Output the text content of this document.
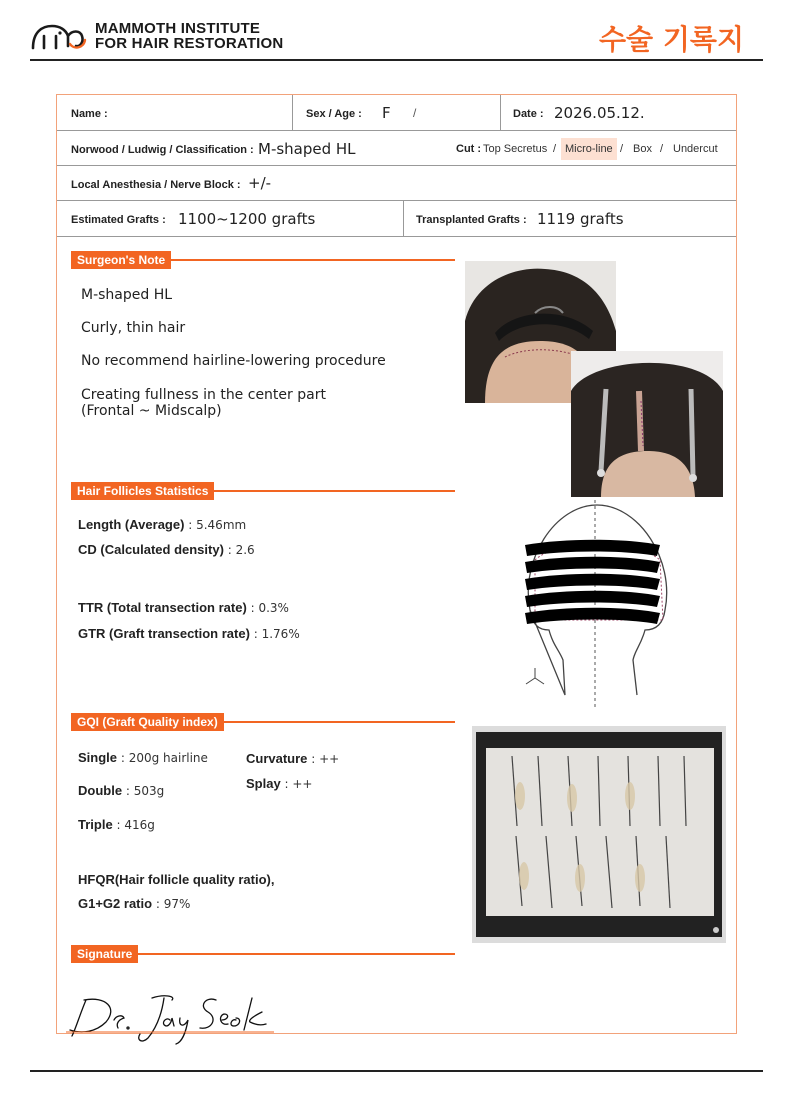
MAMMOTH INSTITUTE
FOR HAIR RESTORATION	수술 기록지
Name :	Sex / Age : F /	Date : 2026.05.12.
Norwood / Ludwig / Classification : M-shaped HL	Cut : Top Secretus / Micro-line / Box / Undercut
Local Anesthesia / Nerve Block : +/-
Estimated Grafts : 1100~1200 grafts	Transplanted Grafts : 1119 grafts
Surgeon's Note
M-shaped HL
Curly, thin hair
No recommend hairline-lowering procedure
Creating fullness in the center part
(Frontal ~ Midscalp)
Hair Follicles Statistics
Length (Average) : 5.46mm
CD (Calculated density) : 2.6
TTR (Total transection rate) : 0.3%
GTR (Graft transection rate) : 1.76%
GQI (Graft Quality index)
Single : 200g hairline
Double : 503g
Triple : 416g
Curvature : ++
Splay : ++
HFQR(Hair follicle quality ratio),
G1+G2 ratio : 97%
Signature
